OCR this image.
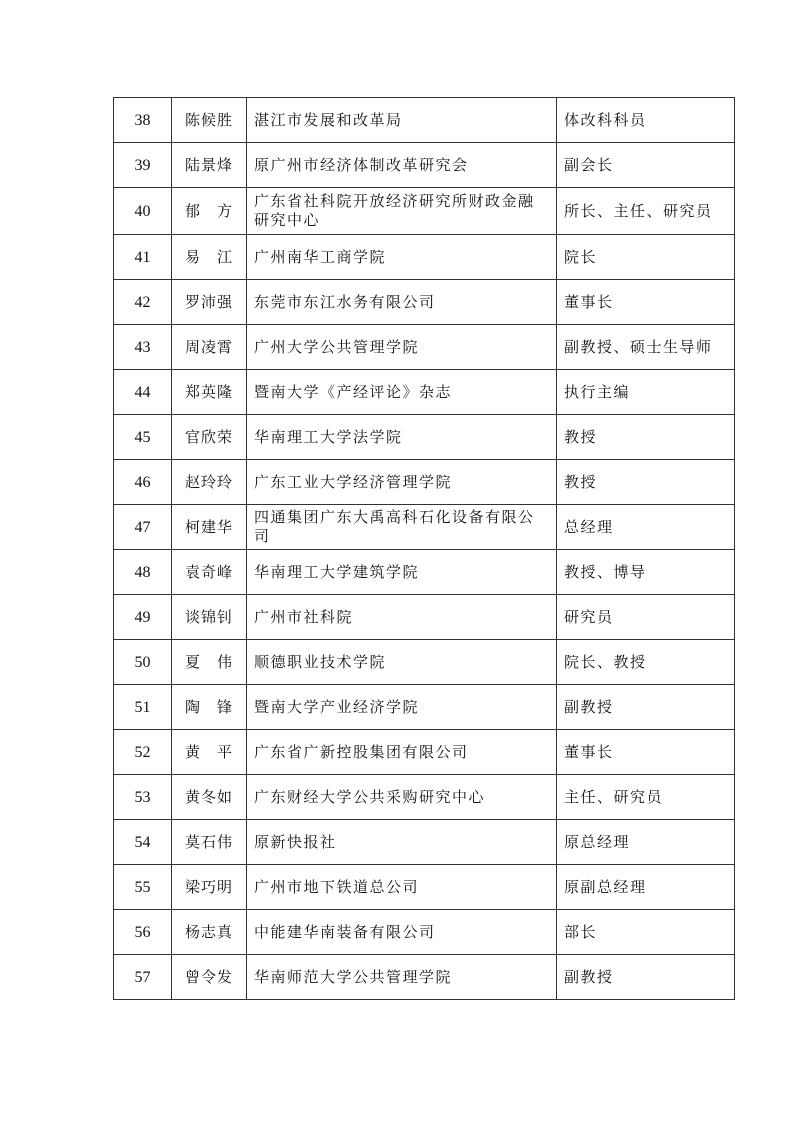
38	陈候胜	湛江市发展和改革局	体改科科员
39	陆景烽	原广州市经济体制改革研究会	副会长
40	郁　方	广东省社科院开放经济研究所财政金融研究中心	所长、主任、研究员
41	易　江	广州南华工商学院	院长
42	罗沛强	东莞市东江水务有限公司	董事长
43	周凌霄	广州大学公共管理学院	副教授、硕士生导师
44	郑英隆	暨南大学《产经评论》杂志	执行主编
45	官欣荣	华南理工大学法学院	教授
46	赵玲玲	广东工业大学经济管理学院	教授
47	柯建华	四通集团广东大禹高科石化设备有限公司	总经理
48	袁奇峰	华南理工大学建筑学院	教授、博导
49	谈锦钊	广州市社科院	研究员
50	夏　伟	顺德职业技术学院	院长、教授
51	陶　锋	暨南大学产业经济学院	副教授
52	黄　平	广东省广新控股集团有限公司	董事长
53	黄冬如	广东财经大学公共采购研究中心	主任、研究员
54	莫石伟	原新快报社	原总经理
55	梁巧明	广州市地下铁道总公司	原副总经理
56	杨志真	中能建华南装备有限公司	部长
57	曾令发	华南师范大学公共管理学院	副教授
